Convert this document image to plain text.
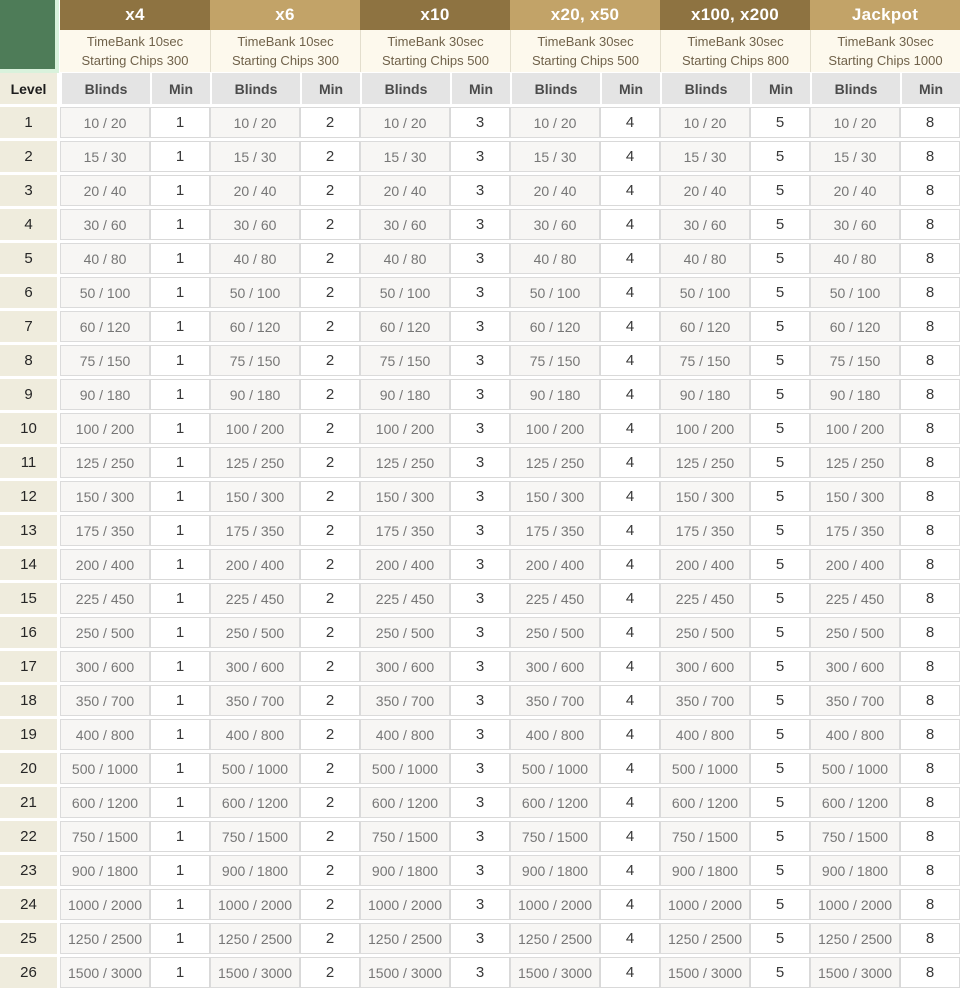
x4
TimeBank 10sec
Starting Chips 300
Blinds	Min
x6
TimeBank 10sec
Starting Chips 300
Blinds	Min
x10
TimeBank 30sec
Starting Chips 500
Blinds	Min
x20, x50
TimeBank 30sec
Starting Chips 500
Blinds	Min
x100, x200
TimeBank 30sec
Starting Chips 800
Blinds	Min
Jackpot
TimeBank 30sec
Starting Chips 1000
Blinds	Min
Level
1	10 / 20	1	10 / 20	2	10 / 20	3	10 / 20	4	10 / 20	5	10 / 20	8
2	15 / 30	1	15 / 30	2	15 / 30	3	15 / 30	4	15 / 30	5	15 / 30	8
3	20 / 40	1	20 / 40	2	20 / 40	3	20 / 40	4	20 / 40	5	20 / 40	8
4	30 / 60	1	30 / 60	2	30 / 60	3	30 / 60	4	30 / 60	5	30 / 60	8
5	40 / 80	1	40 / 80	2	40 / 80	3	40 / 80	4	40 / 80	5	40 / 80	8
6	50 / 100	1	50 / 100	2	50 / 100	3	50 / 100	4	50 / 100	5	50 / 100	8
7	60 / 120	1	60 / 120	2	60 / 120	3	60 / 120	4	60 / 120	5	60 / 120	8
8	75 / 150	1	75 / 150	2	75 / 150	3	75 / 150	4	75 / 150	5	75 / 150	8
9	90 / 180	1	90 / 180	2	90 / 180	3	90 / 180	4	90 / 180	5	90 / 180	8
10	100 / 200	1	100 / 200	2	100 / 200	3	100 / 200	4	100 / 200	5	100 / 200	8
11	125 / 250	1	125 / 250	2	125 / 250	3	125 / 250	4	125 / 250	5	125 / 250	8
12	150 / 300	1	150 / 300	2	150 / 300	3	150 / 300	4	150 / 300	5	150 / 300	8
13	175 / 350	1	175 / 350	2	175 / 350	3	175 / 350	4	175 / 350	5	175 / 350	8
14	200 / 400	1	200 / 400	2	200 / 400	3	200 / 400	4	200 / 400	5	200 / 400	8
15	225 / 450	1	225 / 450	2	225 / 450	3	225 / 450	4	225 / 450	5	225 / 450	8
16	250 / 500	1	250 / 500	2	250 / 500	3	250 / 500	4	250 / 500	5	250 / 500	8
17	300 / 600	1	300 / 600	2	300 / 600	3	300 / 600	4	300 / 600	5	300 / 600	8
18	350 / 700	1	350 / 700	2	350 / 700	3	350 / 700	4	350 / 700	5	350 / 700	8
19	400 / 800	1	400 / 800	2	400 / 800	3	400 / 800	4	400 / 800	5	400 / 800	8
20	500 / 1000	1	500 / 1000	2	500 / 1000	3	500 / 1000	4	500 / 1000	5	500 / 1000	8
21	600 / 1200	1	600 / 1200	2	600 / 1200	3	600 / 1200	4	600 / 1200	5	600 / 1200	8
22	750 / 1500	1	750 / 1500	2	750 / 1500	3	750 / 1500	4	750 / 1500	5	750 / 1500	8
23	900 / 1800	1	900 / 1800	2	900 / 1800	3	900 / 1800	4	900 / 1800	5	900 / 1800	8
24	1000 / 2000	1	1000 / 2000	2	1000 / 2000	3	1000 / 2000	4	1000 / 2000	5	1000 / 2000	8
25	1250 / 2500	1	1250 / 2500	2	1250 / 2500	3	1250 / 2500	4	1250 / 2500	5	1250 / 2500	8
26	1500 / 3000	1	1500 / 3000	2	1500 / 3000	3	1500 / 3000	4	1500 / 3000	5	1500 / 3000	8
